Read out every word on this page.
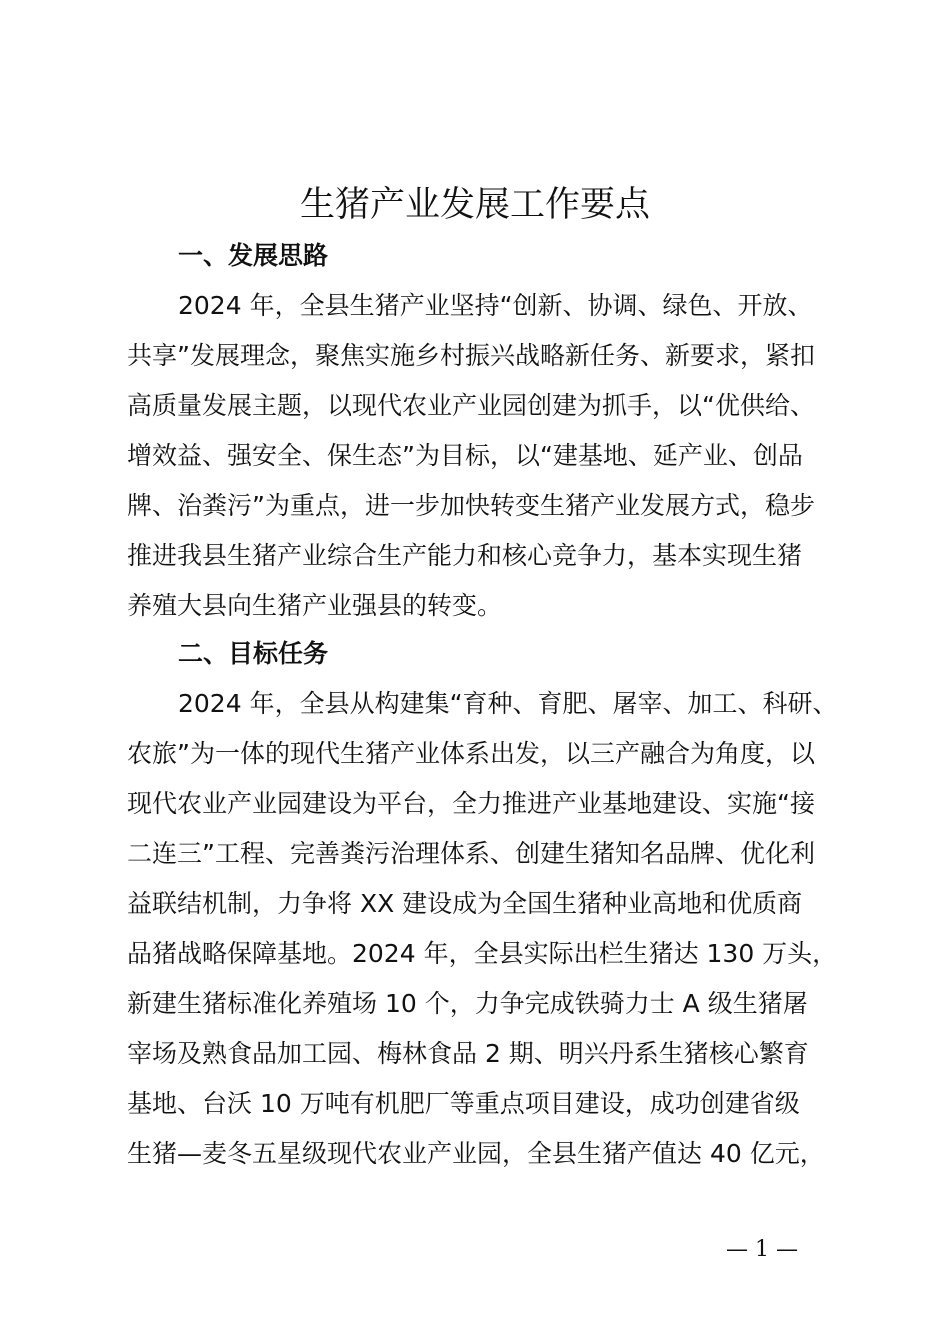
生猪产业发展工作要点
一、发展思路
2024 年，全县生猪产业坚持“创新、协调、绿色、开放、
共享”发展理念，聚焦实施乡村振兴战略新任务、新要求，紧扣
高质量发展主题，以现代农业产业园创建为抓手，以“优供给、
增效益、强安全、保生态”为目标，以“建基地、延产业、创品
牌、治粪污”为重点，进一步加快转变生猪产业发展方式，稳步
推进我县生猪产业综合生产能力和核心竞争力，基本实现生猪
养殖大县向生猪产业强县的转变。
二、目标任务
2024 年，全县从构建集“育种、育肥、屠宰、加工、科研、
农旅”为一体的现代生猪产业体系出发，以三产融合为角度，以
现代农业产业园建设为平台，全力推进产业基地建设、实施“接
二连三”工程、完善粪污治理体系、创建生猪知名品牌、优化利
益联结机制，力争将 XX 建设成为全国生猪种业高地和优质商
品猪战略保障基地。2024 年，全县实际出栏生猪达 130 万头，
新建生猪标准化养殖场 10 个，力争完成铁骑力士 A 级生猪屠
宰场及熟食品加工园、梅林食品 2 期、明兴丹系生猪核心繁育
基地、台沃 10 万吨有机肥厂等重点项目建设，成功创建省级
生猪—麦冬五星级现代农业产业园，全县生猪产值达 40 亿元，
— 1 —
